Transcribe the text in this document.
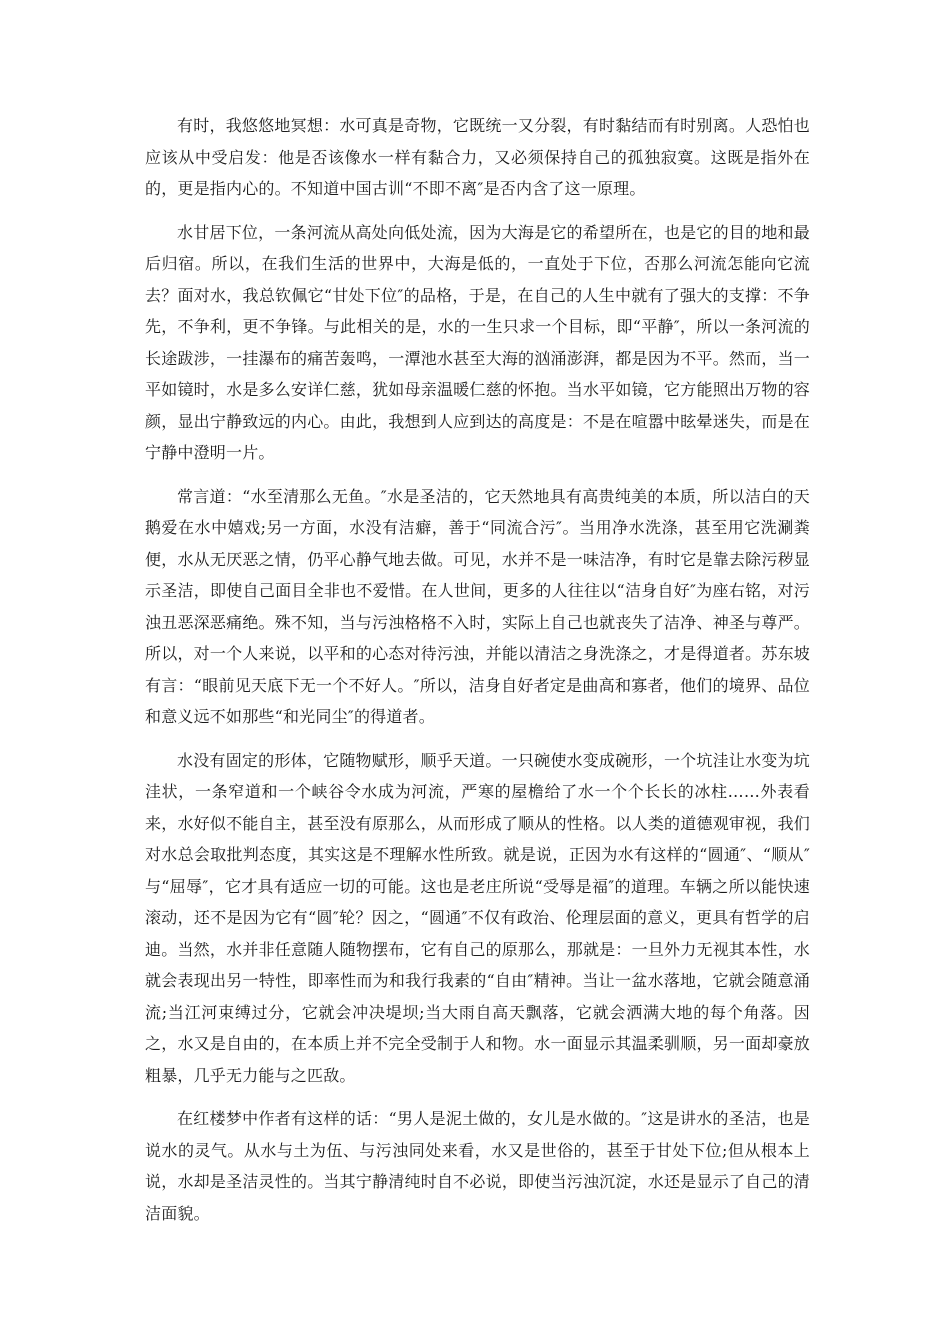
有时，我悠悠地冥想：水可真是奇物，它既统一又分裂，有时黏结而有时别离。人恐怕也应该从中受启发：他是否该像水一样有黏合力，又必须保持自己的孤独寂寞。这既是指外在的，更是指内心的。不知道中国古训“不即不离″是否内含了这一原理。

水甘居下位，一条河流从高处向低处流，因为大海是它的希望所在，也是它的目的地和最后归宿。所以，在我们生活的世界中，大海是低的，一直处于下位，否那么河流怎能向它流去？面对水，我总钦佩它“甘处下位″的品格，于是，在自己的人生中就有了强大的支撑：不争先，不争利，更不争锋。与此相关的是，水的一生只求一个目标，即“平静″，所以一条河流的长途跋涉，一挂瀑布的痛苦轰鸣，一潭池水甚至大海的汹涌澎湃，都是因为不平。然而，当一平如镜时，水是多么安详仁慈，犹如母亲温暖仁慈的怀抱。当水平如镜，它方能照出万物的容颜，显出宁静致远的内心。由此，我想到人应到达的高度是：不是在喧嚣中眩晕迷失，而是在宁静中澄明一片。

常言道：“水至清那么无鱼。″水是圣洁的，它天然地具有高贵纯美的本质，所以洁白的天鹅爱在水中嬉戏;另一方面，水没有洁癖，善于“同流合污″。当用净水洗涤，甚至用它洗涮粪便，水从无厌恶之情，仍平心静气地去做。可见，水并不是一味洁净，有时它是靠去除污秽显示圣洁，即使自己面目全非也不爱惜。在人世间，更多的人往往以“洁身自好″为座右铭，对污浊丑恶深恶痛绝。殊不知，当与污浊格格不入时，实际上自己也就丧失了洁净、神圣与尊严。所以，对一个人来说，以平和的心态对待污浊，并能以清洁之身洗涤之，才是得道者。苏东坡有言：“眼前见天底下无一个不好人。″所以，洁身自好者定是曲高和寡者，他们的境界、品位和意义远不如那些“和光同尘″的得道者。

水没有固定的形体，它随物赋形，顺乎天道。一只碗使水变成碗形，一个坑洼让水变为坑洼状，一条窄道和一个峡谷令水成为河流，严寒的屋檐给了水一个个长长的冰柱……外表看来，水好似不能自主，甚至没有原那么，从而形成了顺从的性格。以人类的道德观审视，我们对水总会取批判态度，其实这是不理解水性所致。就是说，正因为水有这样的“圆通″、“顺从″与“屈辱″，它才具有适应一切的可能。这也是老庄所说“受辱是福″的道理。车辆之所以能快速滚动，还不是因为它有“圆″轮？因之，“圆通″不仅有政治、伦理层面的意义，更具有哲学的启迪。当然，水并非任意随人随物摆布，它有自己的原那么，那就是：一旦外力无视其本性，水就会表现出另一特性，即率性而为和我行我素的“自由″精神。当让一盆水落地，它就会随意涌流;当江河束缚过分，它就会冲决堤坝;当大雨自高天飘落，它就会洒满大地的每个角落。因之，水又是自由的，在本质上并不完全受制于人和物。水一面显示其温柔驯顺，另一面却豪放粗暴，几乎无力能与之匹敌。

在红楼梦中作者有这样的话：“男人是泥土做的，女儿是水做的。″这是讲水的圣洁，也是说水的灵气。从水与土为伍、与污浊同处来看，水又是世俗的，甚至于甘处下位;但从根本上说，水却是圣洁灵性的。当其宁静清纯时自不必说，即使当污浊沉淀，水还是显示了自己的清洁面貌。
